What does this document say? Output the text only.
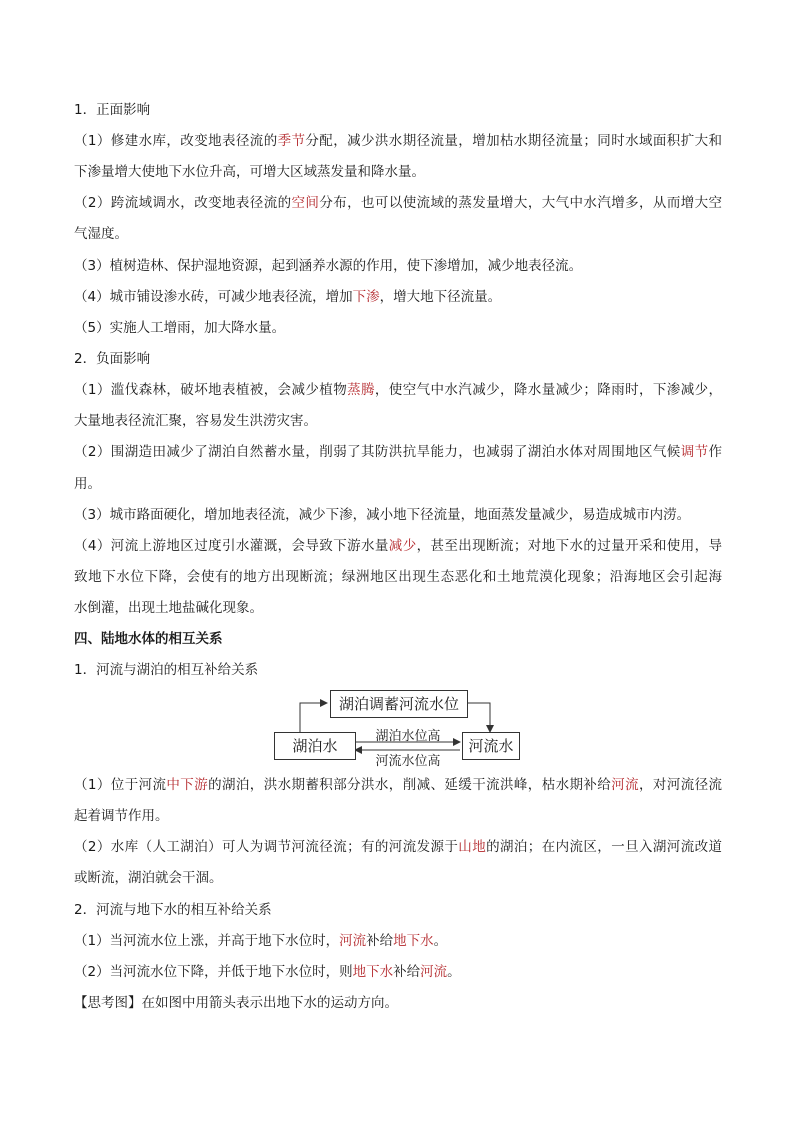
1．正面影响
（1）修建水库，改变地表径流的季节分配，减少洪水期径流量，增加枯水期径流量；同时水域面积扩大和
下渗量增大使地下水位升高，可增大区域蒸发量和降水量。
（2）跨流域调水，改变地表径流的空间分布，也可以使流域的蒸发量增大，大气中水汽增多，从而增大空
气湿度。
（3）植树造林、保护湿地资源，起到涵养水源的作用，使下渗增加，减少地表径流。
（4）城市铺设渗水砖，可减少地表径流，增加下渗，增大地下径流量。
（5）实施人工增雨，加大降水量。
2．负面影响
（1）滥伐森林，破坏地表植被，会减少植物蒸腾，使空气中水汽减少，降水量减少；降雨时，下渗减少，
大量地表径流汇聚，容易发生洪涝灾害。
（2）围湖造田减少了湖泊自然蓄水量，削弱了其防洪抗旱能力，也减弱了湖泊水体对周围地区气候调节作
用。
（3）城市路面硬化，增加地表径流，减少下渗，减小地下径流量，地面蒸发量减少，易造成城市内涝。
（4）河流上游地区过度引水灌溉，会导致下游水量减少，甚至出现断流；对地下水的过量开采和使用，导
致地下水位下降，会使有的地方出现断流；绿洲地区出现生态恶化和土地荒漠化现象；沿海地区会引起海
水倒灌，出现土地盐碱化现象。
四、陆地水体的相互关系
1．河流与湖泊的相互补给关系
湖泊调蓄河流水位
湖泊水	河流水
湖泊水位高
河流水位高
（1）位于河流中下游的湖泊，洪水期蓄积部分洪水，削减、延缓干流洪峰，枯水期补给河流，对河流径流
起着调节作用。
（2）水库（人工湖泊）可人为调节河流径流；有的河流发源于山地的湖泊；在内流区，一旦入湖河流改道
或断流，湖泊就会干涸。
2．河流与地下水的相互补给关系
（1）当河流水位上涨，并高于地下水位时，河流补给地下水。
（2）当河流水位下降，并低于地下水位时，则地下水补给河流。
【思考图】在如图中用箭头表示出地下水的运动方向。
